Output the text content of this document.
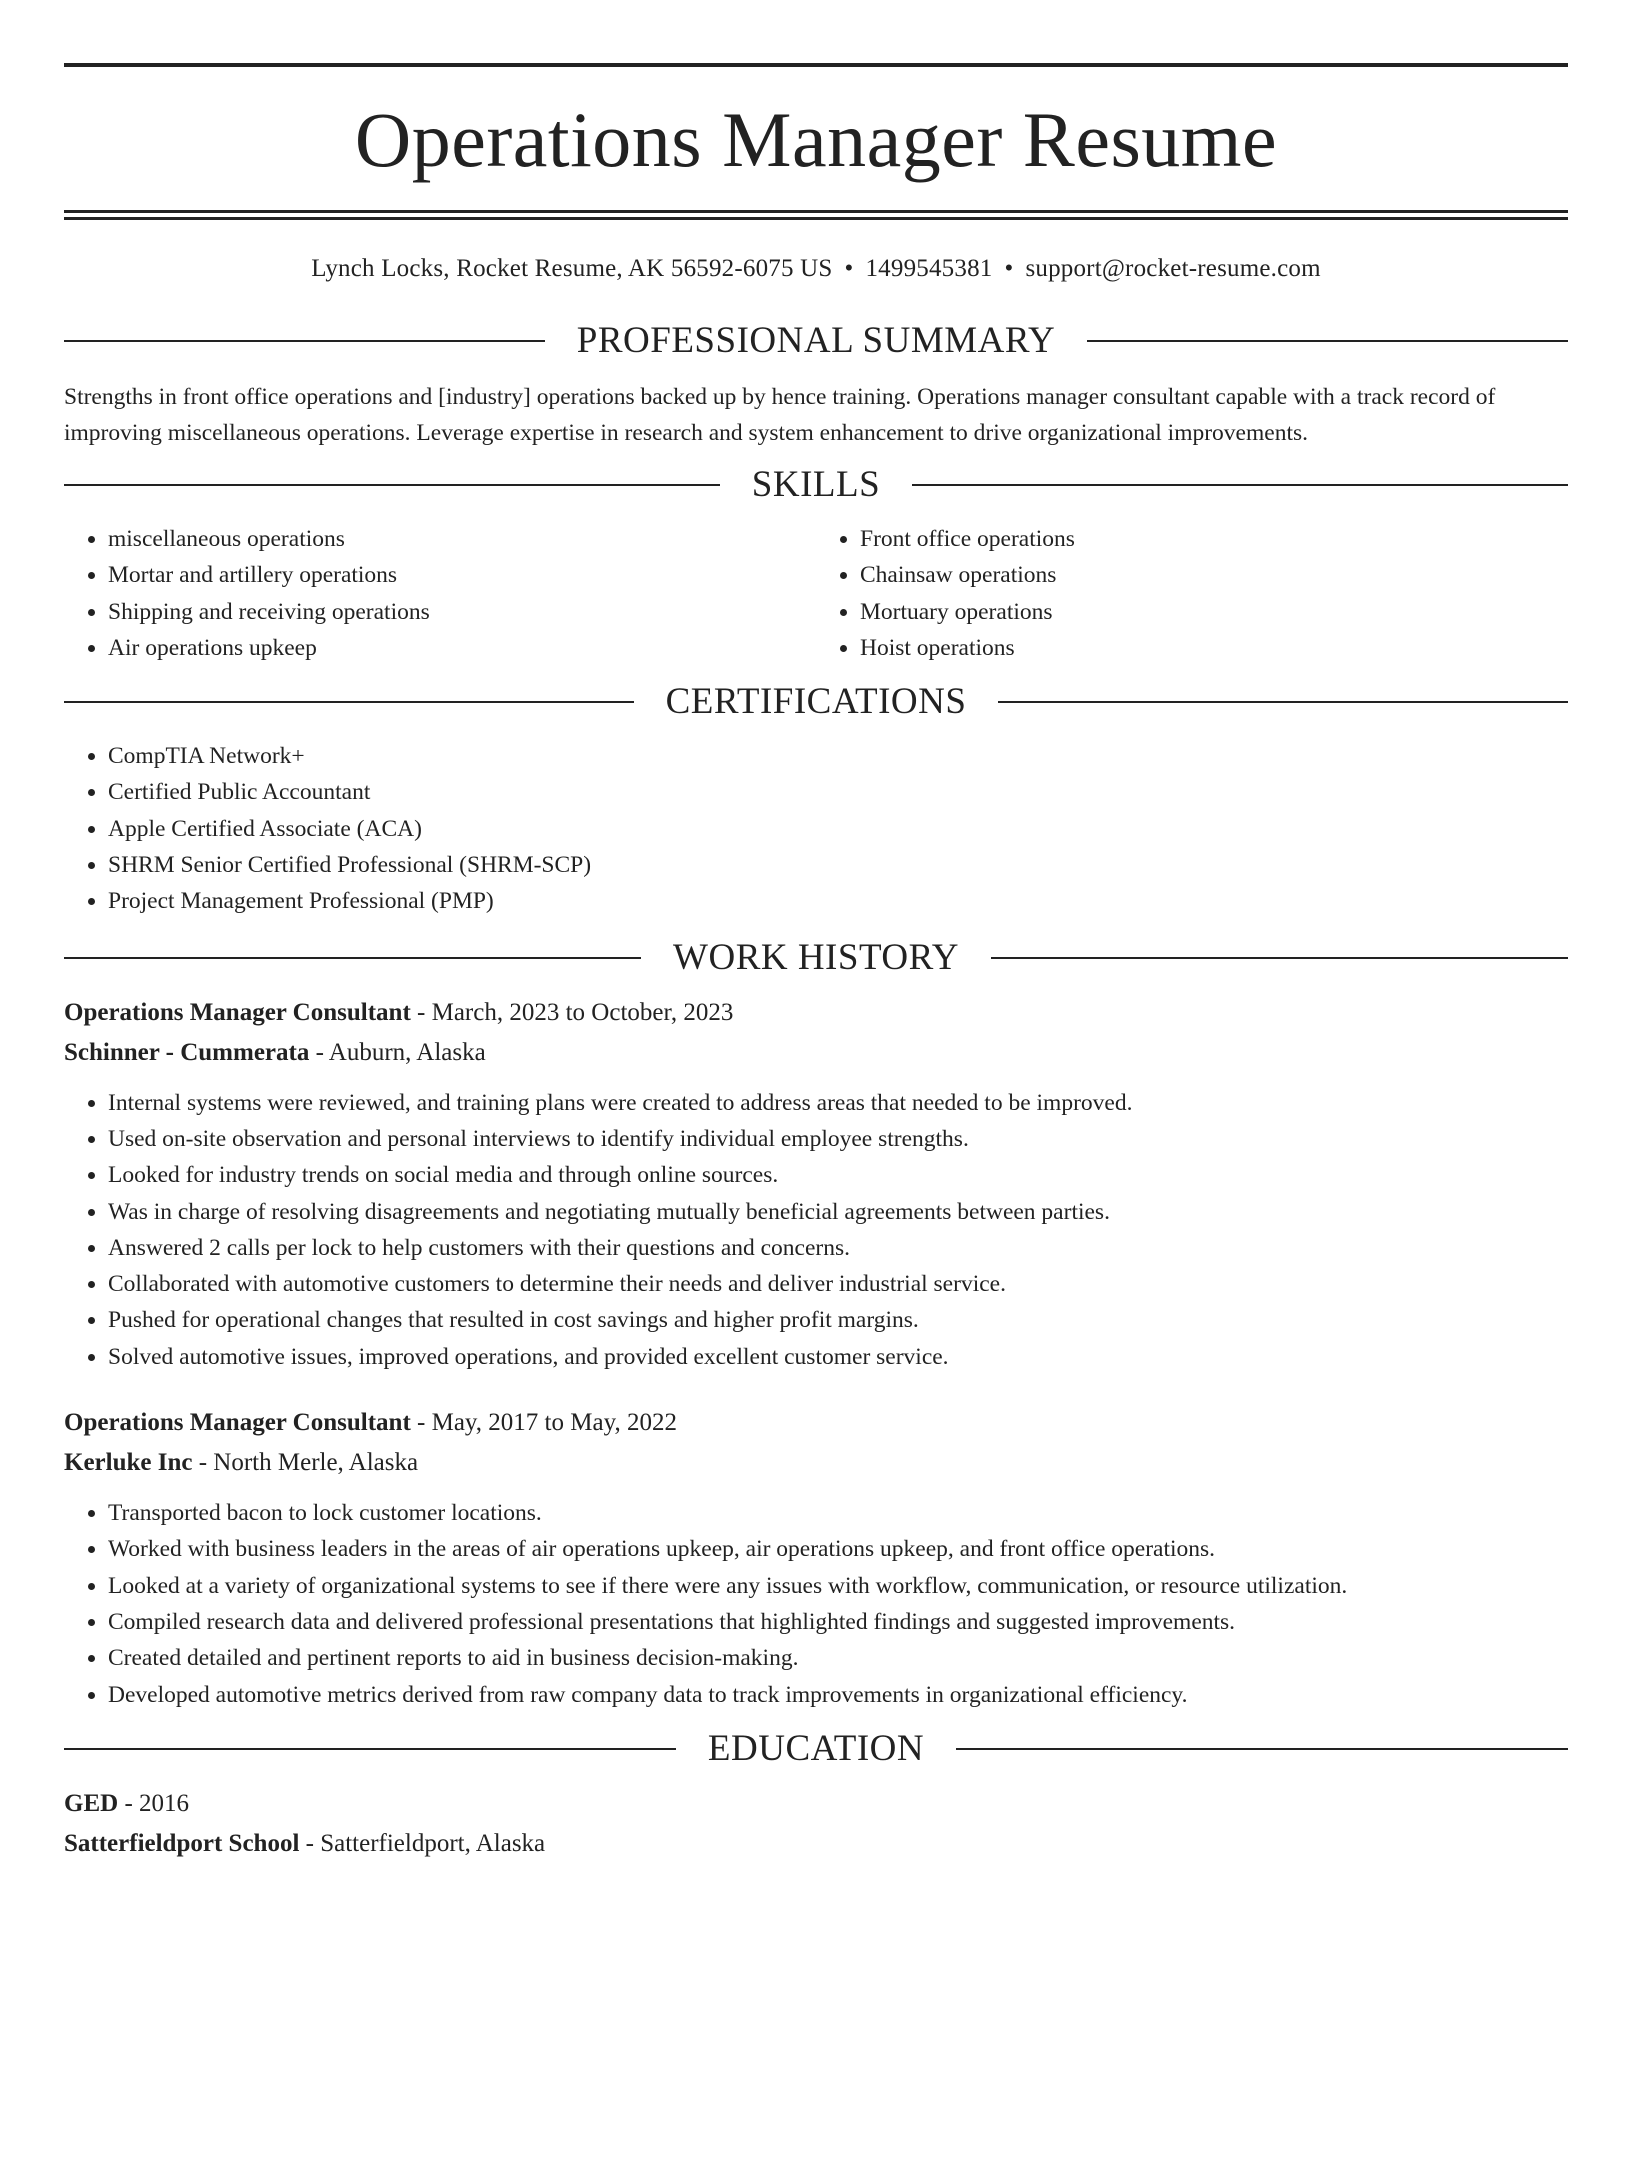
Operations Manager Resume
Lynch Locks, Rocket Resume, AK 56592-6075 US • 1499545381 • support@rocket-resume.com
PROFESSIONAL SUMMARY

Strengths in front office operations and [industry] operations backed up by hence training. Operations manager consultant capable with a track record of improving miscellaneous operations. Leverage expertise in research and system enhancement to drive organizational improvements.

SKILLS
• miscellaneous operations
• Mortar and artillery operations
• Shipping and receiving operations
• Air operations upkeep
• Front office operations
• Chainsaw operations
• Mortuary operations
• Hoist operations
CERTIFICATIONS
• CompTIA Network+
• Certified Public Accountant
• Apple Certified Associate (ACA)
• SHRM Senior Certified Professional (SHRM-SCP)
• Project Management Professional (PMP)
WORK HISTORY
Operations Manager Consultant - March, 2023 to October, 2023
Schinner - Cummerata - Auburn, Alaska
• Internal systems were reviewed, and training plans were created to address areas that needed to be improved.
• Used on-site observation and personal interviews to identify individual employee strengths.
• Looked for industry trends on social media and through online sources.
• Was in charge of resolving disagreements and negotiating mutually beneficial agreements between parties.
• Answered 2 calls per lock to help customers with their questions and concerns.
• Collaborated with automotive customers to determine their needs and deliver industrial service.
• Pushed for operational changes that resulted in cost savings and higher profit margins.
• Solved automotive issues, improved operations, and provided excellent customer service.
Operations Manager Consultant - May, 2017 to May, 2022
Kerluke Inc - North Merle, Alaska
• Transported bacon to lock customer locations.
• Worked with business leaders in the areas of air operations upkeep, air operations upkeep, and front office operations.
• Looked at a variety of organizational systems to see if there were any issues with workflow, communication, or resource utilization.
• Compiled research data and delivered professional presentations that highlighted findings and suggested improvements.
• Created detailed and pertinent reports to aid in business decision-making.
• Developed automotive metrics derived from raw company data to track improvements in organizational efficiency.
EDUCATION
GED - 2016
Satterfieldport School - Satterfieldport, Alaska
